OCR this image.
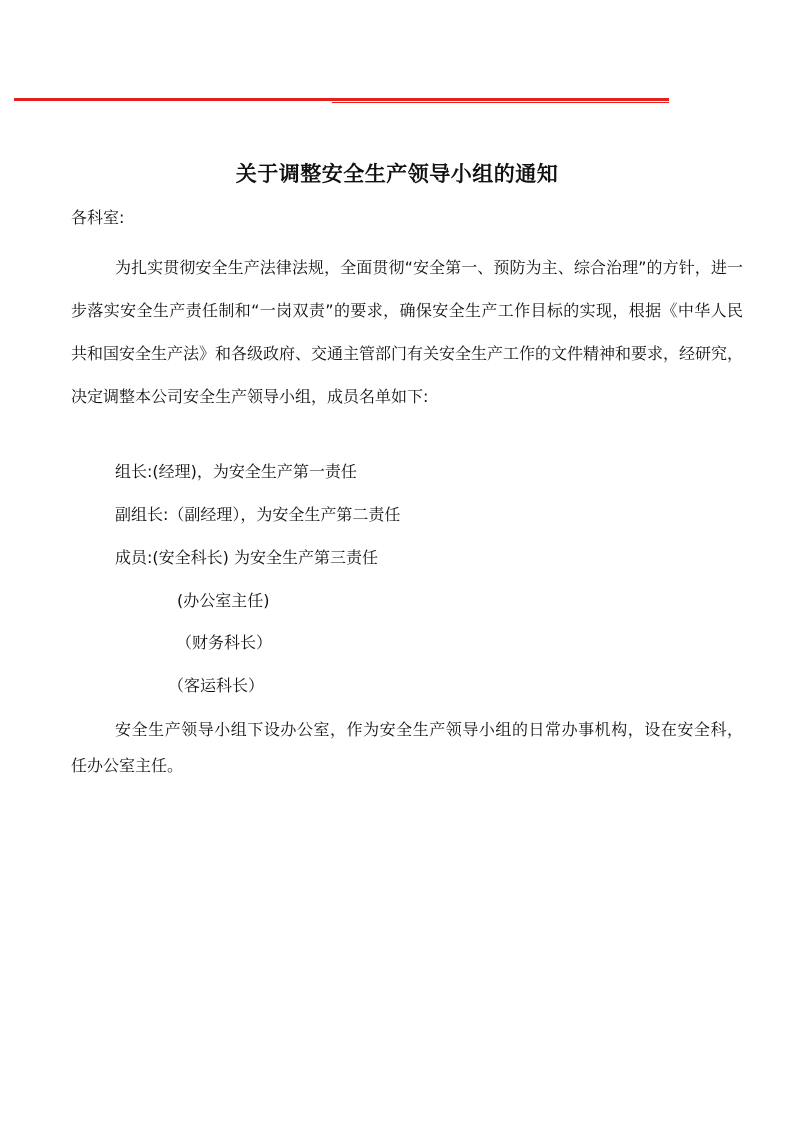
关于调整安全生产领导小组的通知
各科室:
为扎实贯彻安全生产法律法规，全面贯彻“安全第一、预防为主、综合治理”的方针，进一步落实安全生产责任制和“一岗双责”的要求，确保安全生产工作目标的实现，根据《中华人民共和国安全生产法》和各级政府、交通主管部门有关安全生产工作的文件精神和要求，经研究，决定调整本公司安全生产领导小组，成员名单如下:
组长:(经理)，为安全生产第一责任
副组长:（副经理），为安全生产第二责任
成员:(安全科长) 为安全生产第三责任
(办公室主任)
（财务科长）
（客运科长）
安全生产领导小组下设办公室，作为安全生产领导小组的日常办事机构，设在安全科，    任办公室主任。
